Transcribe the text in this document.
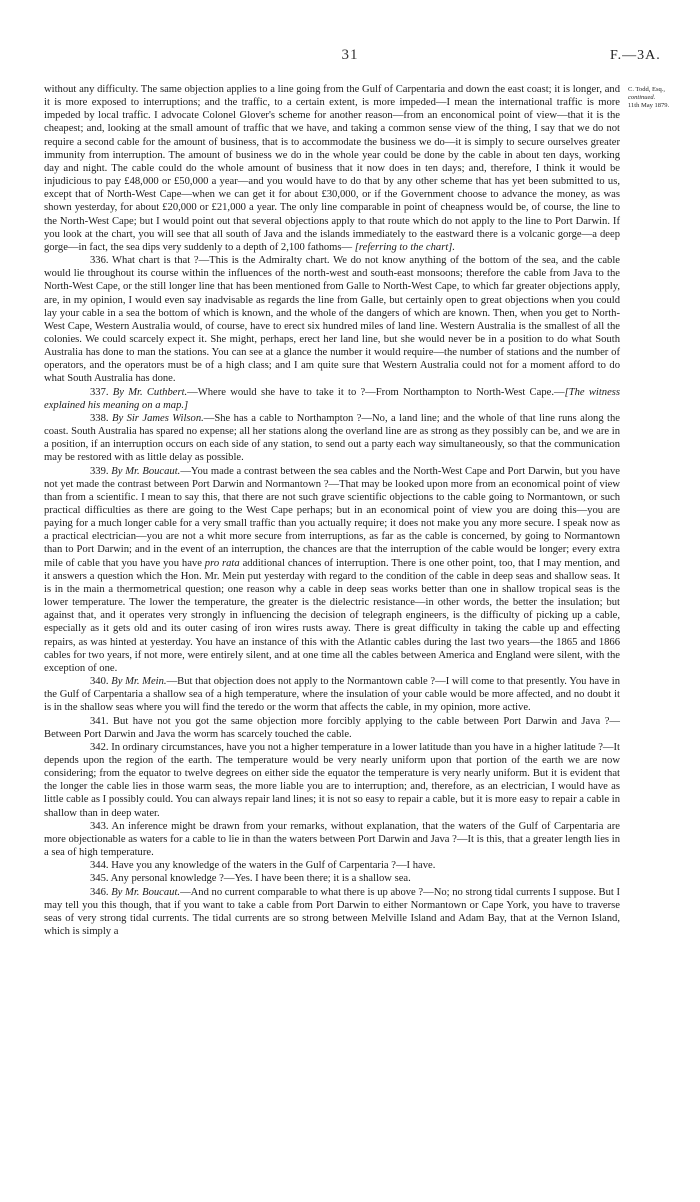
31	F.—3A.
C. Todd, Esq.,
continued.
11th May 1879.

without any difficulty. The same objection applies to a line going from the Gulf of Carpentaria and down the east coast; it is longer, and it is more exposed to interruptions; and the traffic, to a certain extent, is more impeded—I mean the international traffic is more impeded by local traffic. I advocate Colonel Glover's scheme for another reason—from an enconomical point of view—that it is the cheapest; and, looking at the small amount of traffic that we have, and taking a common sense view of the thing, I say that we do not require a second cable for the amount of business, that is to accommodate the business we do—it is simply to secure ourselves greater immunity from interruption. The amount of business we do in the whole year could be done by the cable in about ten days, working day and night. The cable could do the whole amount of business that it now does in ten days; and, therefore, I think it would be injudicious to pay £48,000 or £50,000 a year—and you would have to do that by any other scheme that has yet been submitted to us, except that of North-West Cape—when we can get it for about £30,000, or if the Government choose to advance the money, as was shown yesterday, for about £20,000 or £21,000 a year. The only line comparable in point of cheapness would be, of course, the line to the North-West Cape; but I would point out that several objections apply to that route which do not apply to the line to Port Darwin. If you look at the chart, you will see that all south of Java and the islands immediately to the eastward there is a volcanic gorge—a deep gorge—in fact, the sea dips very suddenly to a depth of 2,100 fathoms— [referring to the chart].

336. What chart is that ?—This is the Admiralty chart. We do not know anything of the bottom of the sea, and the cable would lie throughout its course within the influences of the north-west and south-east monsoons; therefore the cable from Java to the North-West Cape, or the still longer line that has been mentioned from Galle to North-West Cape, to which far greater objections apply, are, in my opinion, I would even say inadvisable as regards the line from Galle, but certainly open to great objections when you could lay your cable in a sea the bottom of which is known, and the whole of the dangers of which are known. Then, when you get to North-West Cape, Western Australia would, of course, have to erect six hundred miles of land line. Western Australia is the smallest of all the colonies. We could scarcely expect it. She might, perhaps, erect her land line, but she would never be in a position to do what South Australia has done to man the stations. You can see at a glance the number it would require—the number of stations and the number of operators, and the operators must be of a high class; and I am quite sure that Western Australia could not for a moment afford to do what South Australia has done.

337. By Mr. Cuthbert.—Where would she have to take it to ?—From Northampton to North-West Cape.—[The witness explained his meaning on a map.]

338. By Sir James Wilson.—She has a cable to Northampton ?—No, a land line; and the whole of that line runs along the coast. South Australia has spared no expense; all her stations along the overland line are as strong as they possibly can be, and we are in a position, if an interruption occurs on each side of any station, to send out a party each way simultaneously, so that the communication may be restored with as little delay as possible.

339. By Mr. Boucaut.—You made a contrast between the sea cables and the North-West Cape and Port Darwin, but you have not yet made the contrast between Port Darwin and Normantown ?—That may be looked upon more from an economical point of view than from a scientific. I mean to say this, that there are not such grave scientific objections to the cable going to Normantown, or such practical difficulties as there are going to the West Cape perhaps; but in an economical point of view you are doing this—you are paying for a much longer cable for a very small traffic than you actually require; it does not make you any more secure. I speak now as a practical electrician—you are not a whit more secure from interruptions, as far as the cable is concerned, by going to Normantown than to Port Darwin; and in the event of an interruption, the chances are that the interruption of the cable would be longer; every extra mile of cable that you have you have pro rata additional chances of interruption. There is one other point, too, that I may mention, and it answers a question which the Hon. Mr. Mein put yesterday with regard to the condition of the cable in deep seas and shallow seas. It is in the main a thermometrical question; one reason why a cable in deep seas works better than one in shallow tropical seas is the lower temperature. The lower the temperature, the greater is the dielectric resistance—in other words, the better the insulation; but against that, and it operates very strongly in influencing the decision of telegraph engineers, is the difficulty of picking up a cable, especially as it gets old and its outer casing of iron wires rusts away. There is great difficulty in taking the cable up and effecting repairs, as was hinted at yesterday. You have an instance of this with the Atlantic cables during the last two years—the 1865 and 1866 cables for two years, if not more, were entirely silent, and at one time all the cables between America and England were silent, with the exception of one.

340. By Mr. Mein.—But that objection does not apply to the Normantown cable ?—I will come to that presently. You have in the Gulf of Carpentaria a shallow sea of a high temperature, where the insulation of your cable would be more affected, and no doubt it is in the shallow seas where you will find the teredo or the worm that affects the cable, in my opinion, more active.

341. But have not you got the same objection more forcibly applying to the cable between Port Darwin and Java ?—Between Port Darwin and Java the worm has scarcely touched the cable.

342. In ordinary circumstances, have you not a higher temperature in a lower latitude than you have in a higher latitude ?—It depends upon the region of the earth. The temperature would be very nearly uniform upon that portion of the earth we are now considering; from the equator to twelve degrees on either side the equator the temperature is very nearly uniform. But it is evident that the longer the cable lies in those warm seas, the more liable you are to interruption; and, therefore, as an electrician, I would have as little cable as I possibly could. You can always repair land lines; it is not so easy to repair a cable, but it is more easy to repair a cable in shallow than in deep water.

343. An inference might be drawn from your remarks, without explanation, that the waters of the Gulf of Carpentaria are more objectionable as waters for a cable to lie in than the waters between Port Darwin and Java ?—It is this, that a greater length lies in a sea of high temperature.

344. Have you any knowledge of the waters in the Gulf of Carpentaria ?—I have.

345. Any personal knowledge ?—Yes. I have been there; it is a shallow sea.

346. By Mr. Boucaut.—And no current comparable to what there is up above ?—No; no strong tidal currents I suppose. But I may tell you this though, that if you want to take a cable from Port Darwin to either Normantown or Cape York, you have to traverse seas of very strong tidal currents. The tidal currents are so strong between Melville Island and Adam Bay, that at the Vernon Island, which is simply a
